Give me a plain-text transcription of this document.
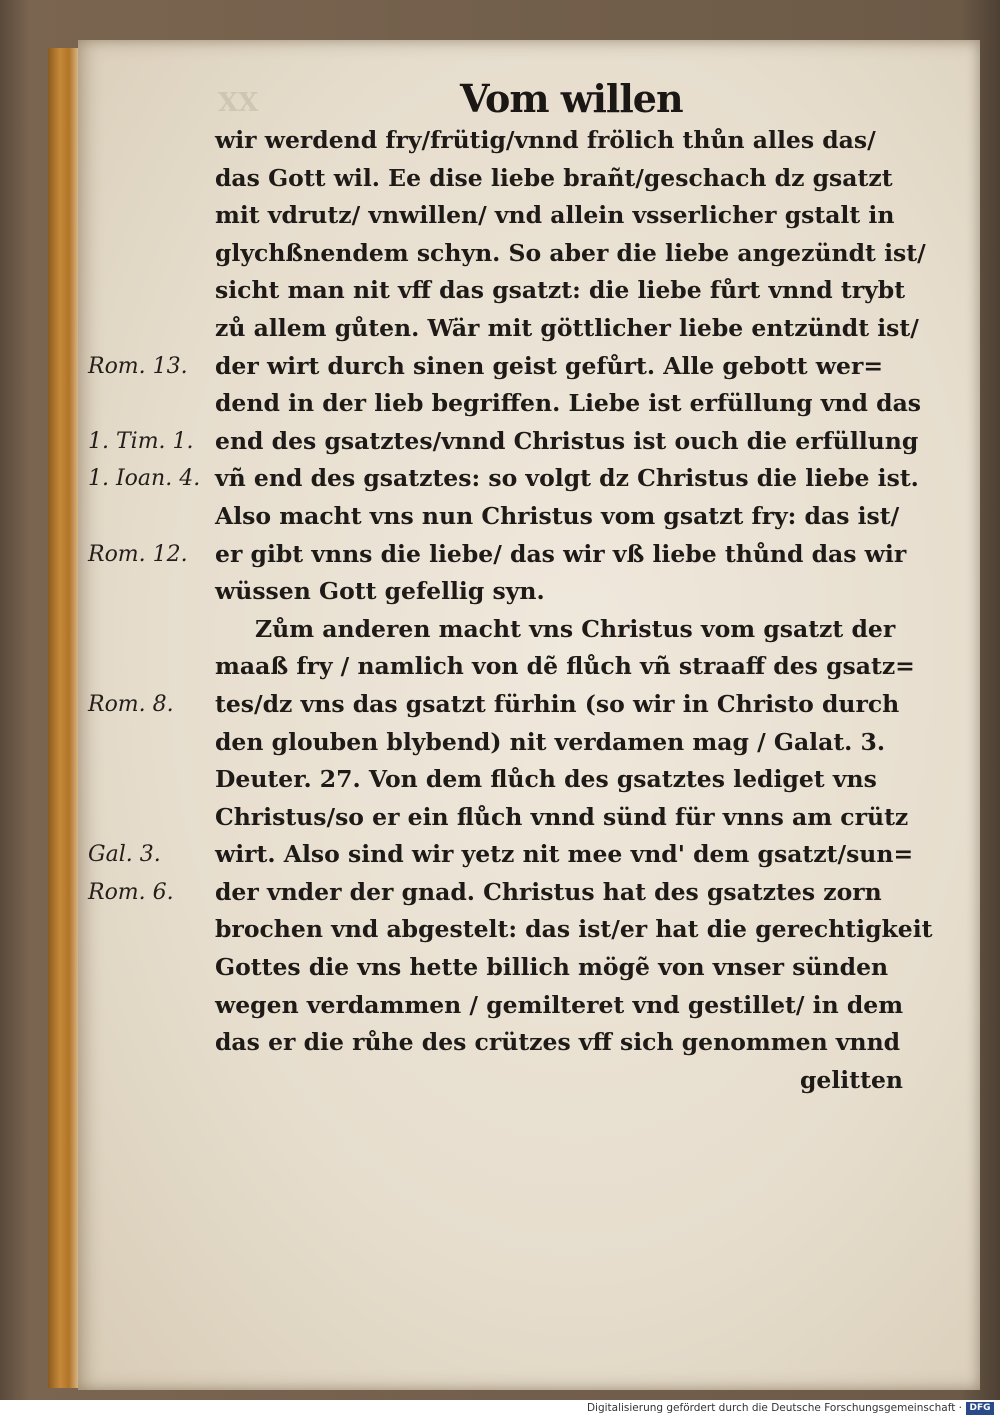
XX	Vom willen
wir werdend fry/frütig/vnnd frölich thůn alles das/
das Gott wil. Ee dise liebe brañt/geschach dz gsatzt
mit vdrutz/ vnwillen/ vnd allein vsserlicher gstalt in
glychßnendem schyn. So aber die liebe angezündt ist/
sicht man nit vff das gsatzt: die liebe fůrt vnnd trybt
zů allem gůten. Wär mit göttlicher liebe entzündt ist/
der wirt durch sinen geist gefůrt. Alle gebott wer=
dend in der lieb begriffen. Liebe ist erfüllung vnd das
end des gsatztes/vnnd Christus ist ouch die erfüllung
vñ end des gsatztes: so volgt dz Christus die liebe ist.
Also macht vns nun Christus vom gsatzt fry: das ist/
er gibt vnns die liebe/ das wir vß liebe thůnd das wir
wüssen Gott gefellig syn.
Zům anderen macht vns Christus vom gsatzt der
maaß fry / namlich von dẽ flůch vñ straaff des gsatz=
tes/dz vns das gsatzt fürhin (so wir in Christo durch
den glouben blybend) nit verdamen mag / Galat. 3.
Deuter. 27. Von dem flůch des gsatztes lediget vns
Christus/so er ein flůch vnnd sünd für vnns am crütz
wirt. Also sind wir yetz nit mee vnd' dem gsatzt/sun=
der vnder der gnad. Christus hat des gsatztes zorn
brochen vnd abgestelt: das ist/er hat die gerechtigkeit
Gottes die vns hette billich mögẽ von vnser sünden
wegen verdammen / gemilteret vnd gestillet/ in dem
das er die růhe des crützes vff sich genommen vnnd
gelitten
Rom. 13.
1. Tim. 1.
1. Ioan. 4.
Rom. 12.
Rom. 8.
Gal. 3.
Rom. 6.
Digitalisierung gefördert durch die Deutsche Forschungsgemeinschaft · DFG
